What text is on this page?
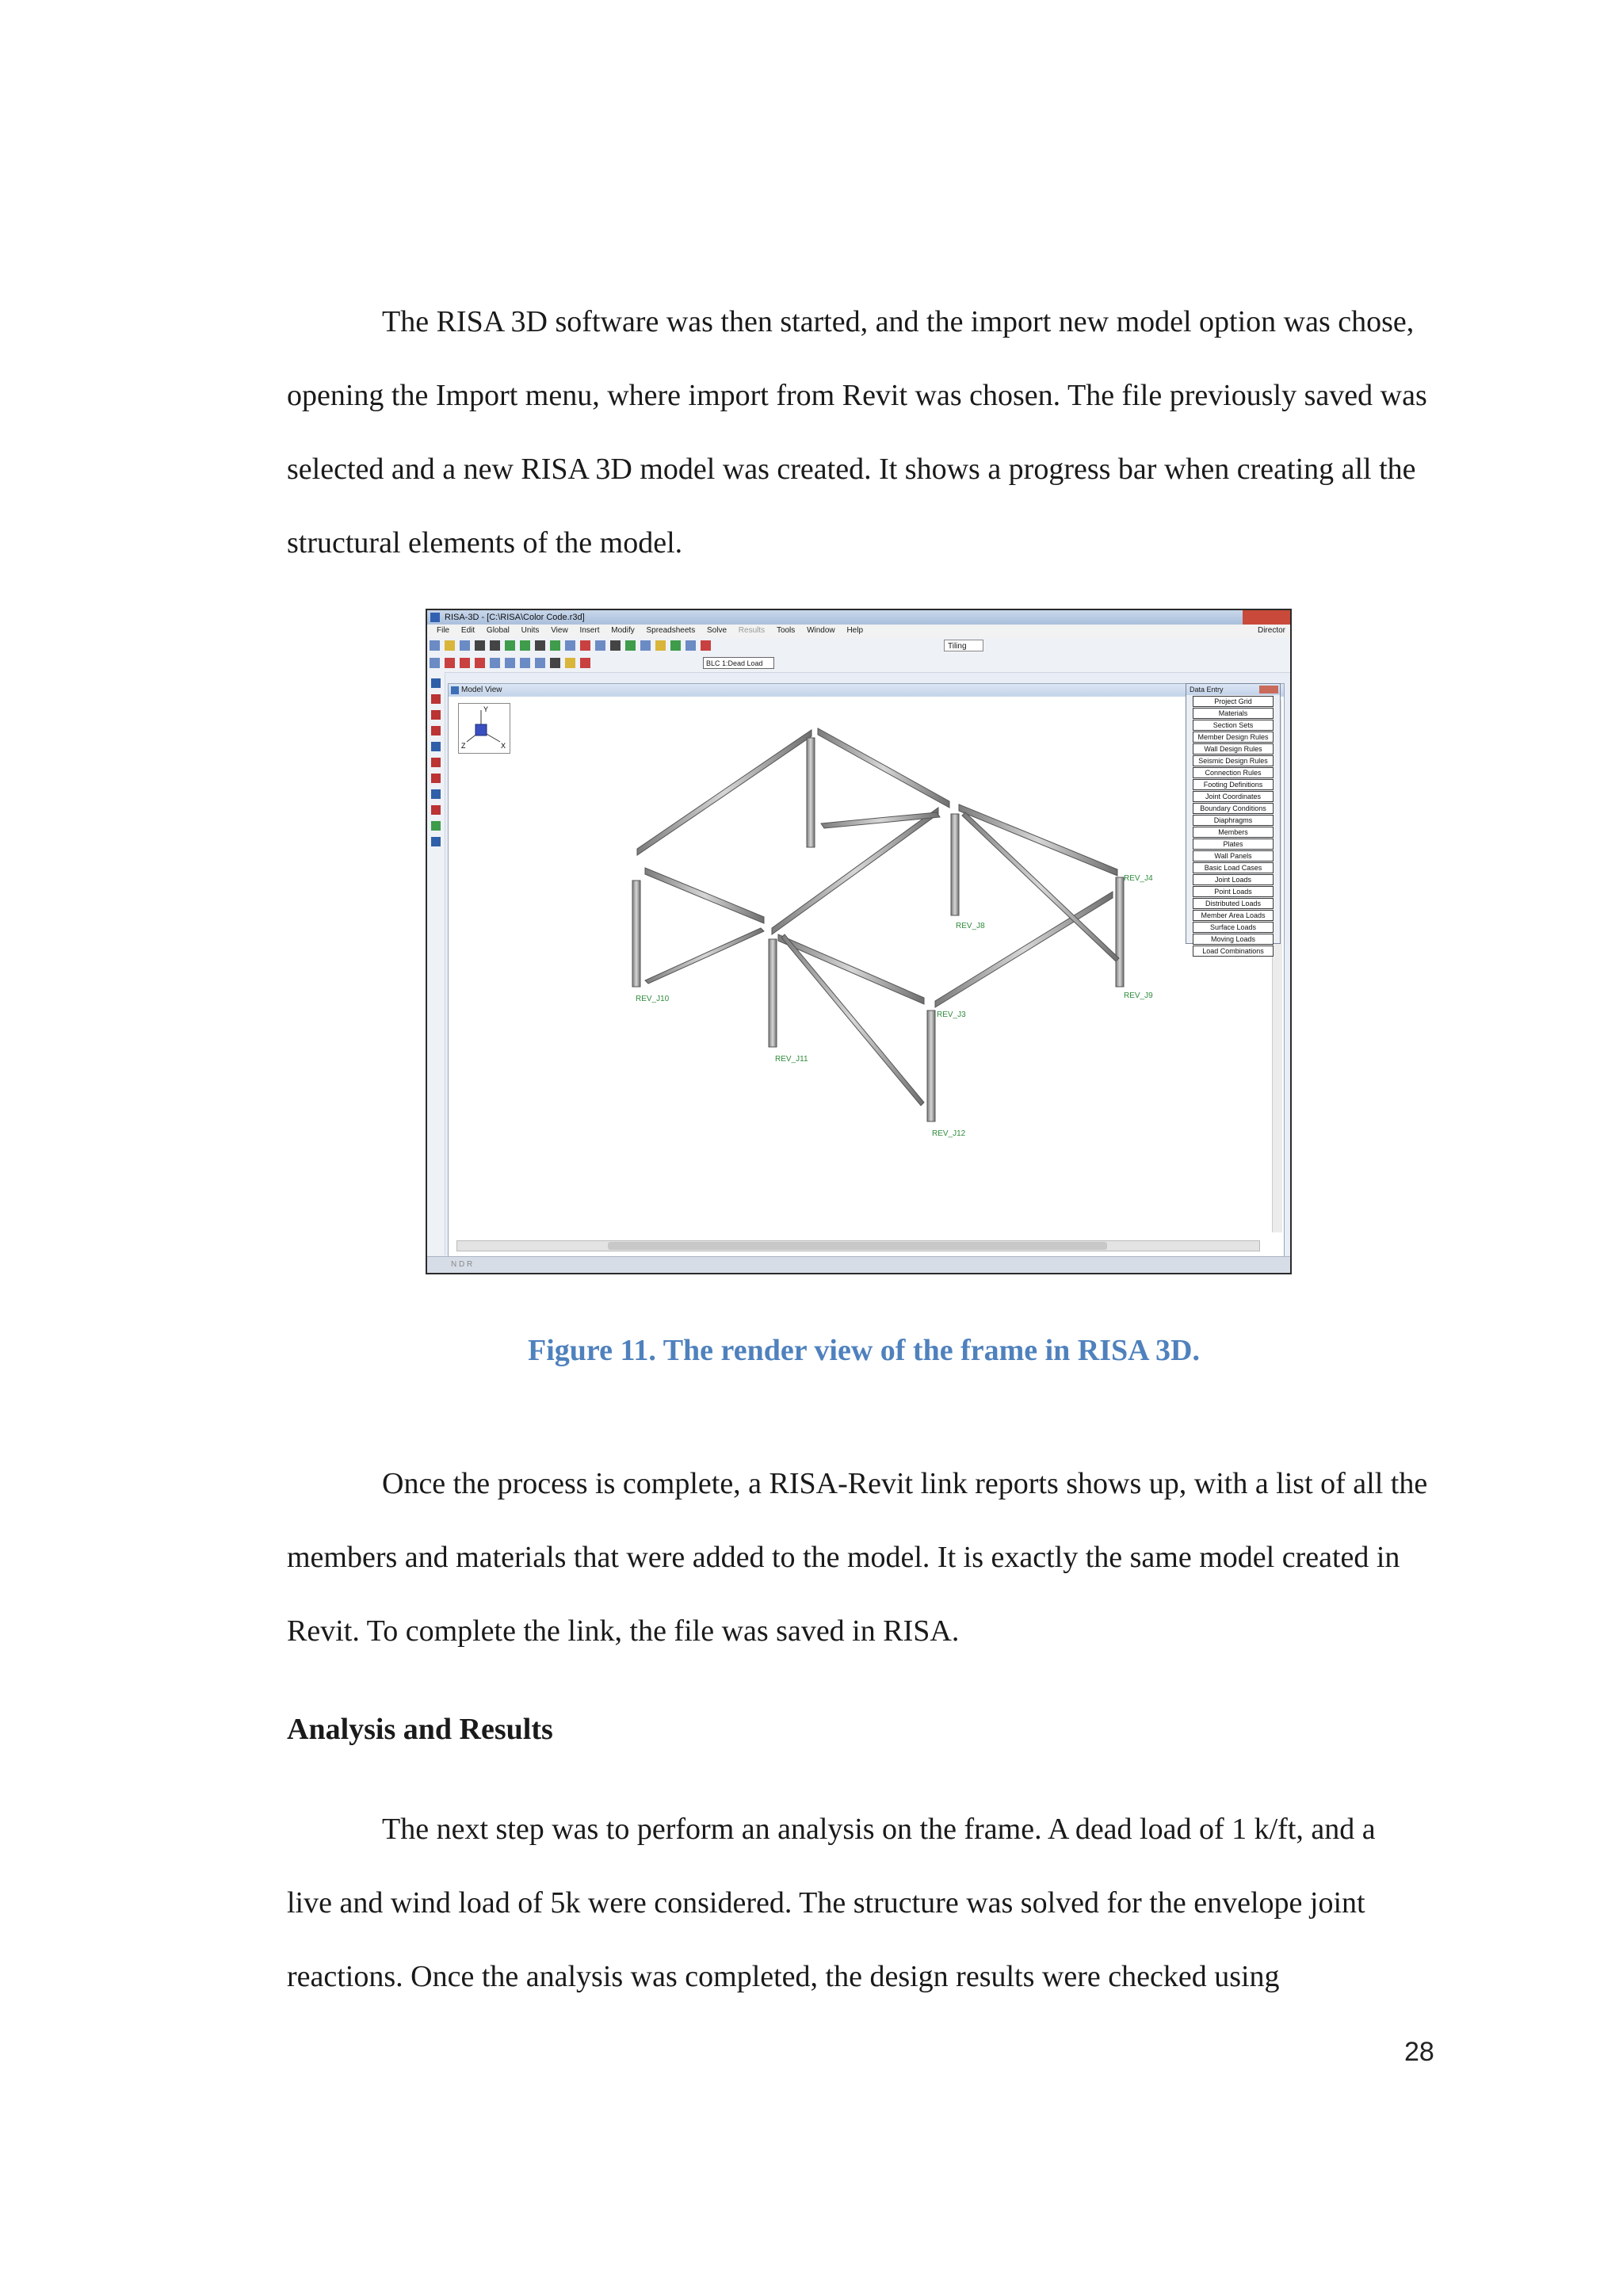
The RISA 3D software was then started, and the import new model option was chose, opening the Import menu, where import from Revit was chosen. The file previously saved was selected and a new RISA 3D model was created. It shows a progress bar when creating all the structural elements of the model.

RISA-3D - [C:\RISA\Color Code.r3d]
File Edit Global Units View Insert Modify Spreadsheets Solve Results Tools Window Help	Director
Tiling
BLC 1:Dead Load
Model View
Y
X
Z
REV_J4
REV_J8
REV_J9
REV_J10
REV_J11
REV_J12
REV_J3
Data Entry
Project Grid
Materials
Section Sets
Member Design Rules
Wall Design Rules
Seismic Design Rules
Connection Rules
Footing Definitions
Joint Coordinates
Boundary Conditions
Diaphragms
Members
Plates
Wall Panels
Basic Load Cases
Joint Loads
Point Loads
Distributed Loads
Member Area Loads
Surface Loads
Moving Loads
Load Combinations
N D R
Figure 11. The render view of the frame in RISA 3D.

Once the process is complete, a RISA-Revit link reports shows up, with a list of all the members and materials that were added to the model. It is exactly the same model created in Revit. To complete the link, the file was saved in RISA.

Analysis and Results

The next step was to perform an analysis on the frame. A dead load of 1 k/ft, and a live and wind load of 5k were considered. The structure was solved for the envelope joint reactions. Once the analysis was completed, the design results were checked using

28
